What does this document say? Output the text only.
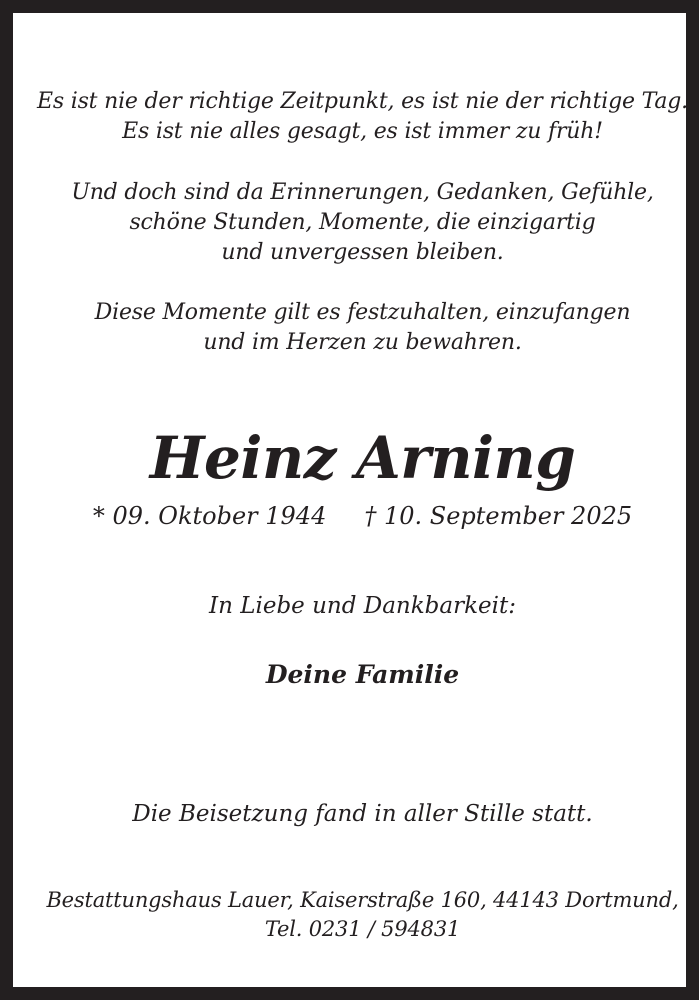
Es ist nie der richtige Zeitpunkt, es ist nie der richtige Tag.

Es ist nie alles gesagt, es ist immer zu früh!

Und doch sind da Erinnerungen, Gedanken, Gefühle,

schöne Stunden, Momente, die einzigartig

und unvergessen bleiben.

Diese Momente gilt es festzuhalten, einzufangen

und im Herzen zu bewahren.

Heinz Arning

* 09. Oktober 1944 † 10. September 2025

In Liebe und Dankbarkeit:

Deine Familie

Die Beisetzung fand in aller Stille statt.

Bestattungshaus Lauer, Kaiserstraße 160, 44143 Dortmund,

Tel. 0231 / 594831
